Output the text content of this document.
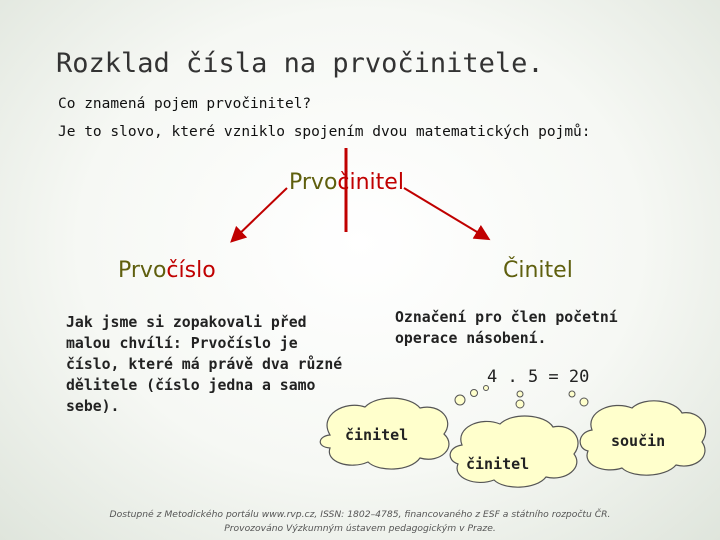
Rozklad čísla na prvočinitele.
Co znamená pojem prvočinitel?
Je to slovo, které vzniklo spojením dvou matematických pojmů:
Prvočinitel
Prvočíslo	Činitel

Jak jsme si zopakovali před malou chvílí: Prvočíslo je číslo, které má právě dva různé dělitele (číslo jedna a samo sebe).

Označení pro člen početní operace násobení.

4 . 5 = 20
činitel
činitel
součin
Dostupné z Metodického portálu www.rvp.cz, ISSN: 1802–4785, financovaného z ESF a státního rozpočtu ČR.
Provozováno Výzkumným ústavem pedagogickým v Praze.
